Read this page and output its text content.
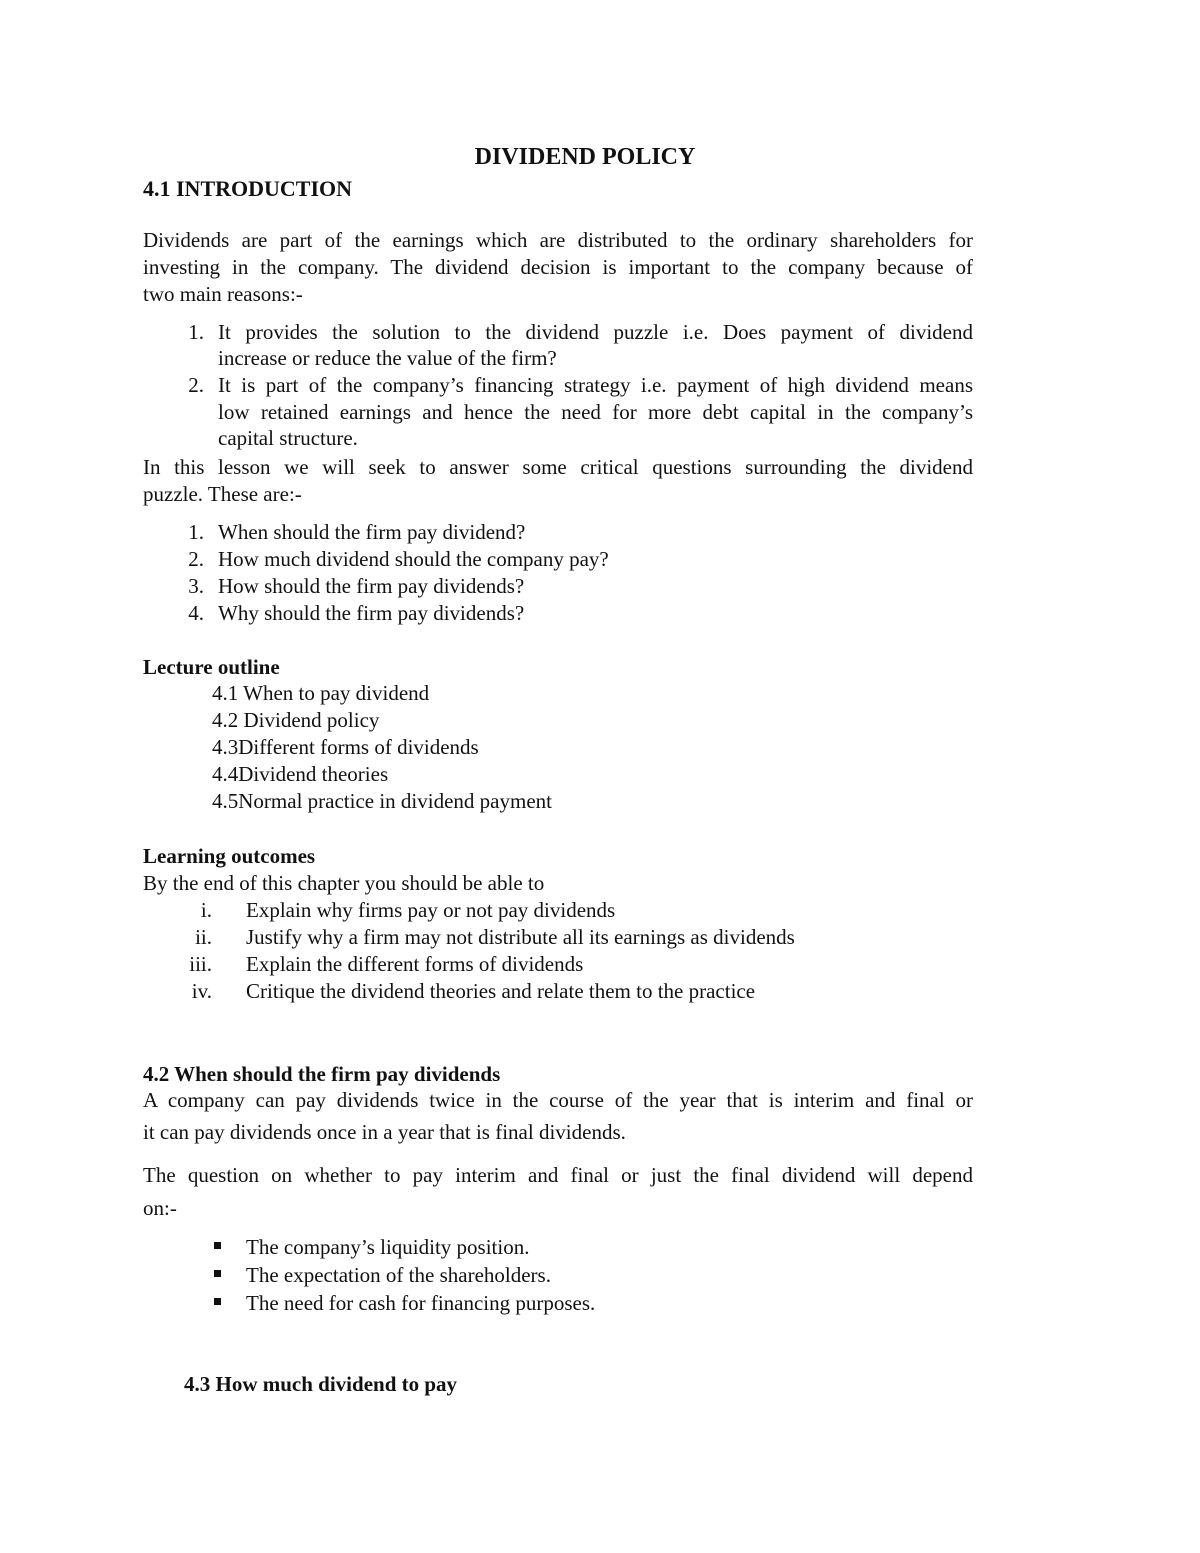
DIVIDEND POLICY
4.1 INTRODUCTION
Dividends are part of the earnings which are distributed to the ordinary shareholders for
investing in the company. The dividend decision is important to the company because of
two main reasons:-
1. It provides the solution to the dividend puzzle i.e. Does payment of dividend
increase or reduce the value of the firm?
2. It is part of the company’s financing strategy i.e. payment of high dividend means
low retained earnings and hence the need for more debt capital in the company’s
capital structure.
In this lesson we will seek to answer some critical questions surrounding the dividend
puzzle. These are:-
1. When should the firm pay dividend?
2. How much dividend should the company pay?
3. How should the firm pay dividends?
4. Why should the firm pay dividends?
Lecture outline
4.1 When to pay dividend
4.2 Dividend policy
4.3Different forms of dividends
4.4Dividend theories
4.5Normal practice in dividend payment
Learning outcomes
By the end of this chapter you should be able to
i. Explain why firms pay or not pay dividends
ii. Justify why a firm may not distribute all its earnings as dividends
iii. Explain the different forms of dividends
iv. Critique the dividend theories and relate them to the practice
4.2 When should the firm pay dividends
A company can pay dividends twice in the course of the year that is interim and final or
it can pay dividends once in a year that is final dividends.
The question on whether to pay interim and final or just the final dividend will depend
on:-
The company’s liquidity position.
The expectation of the shareholders.
The need for cash for financing purposes.
4.3 How much dividend to pay
